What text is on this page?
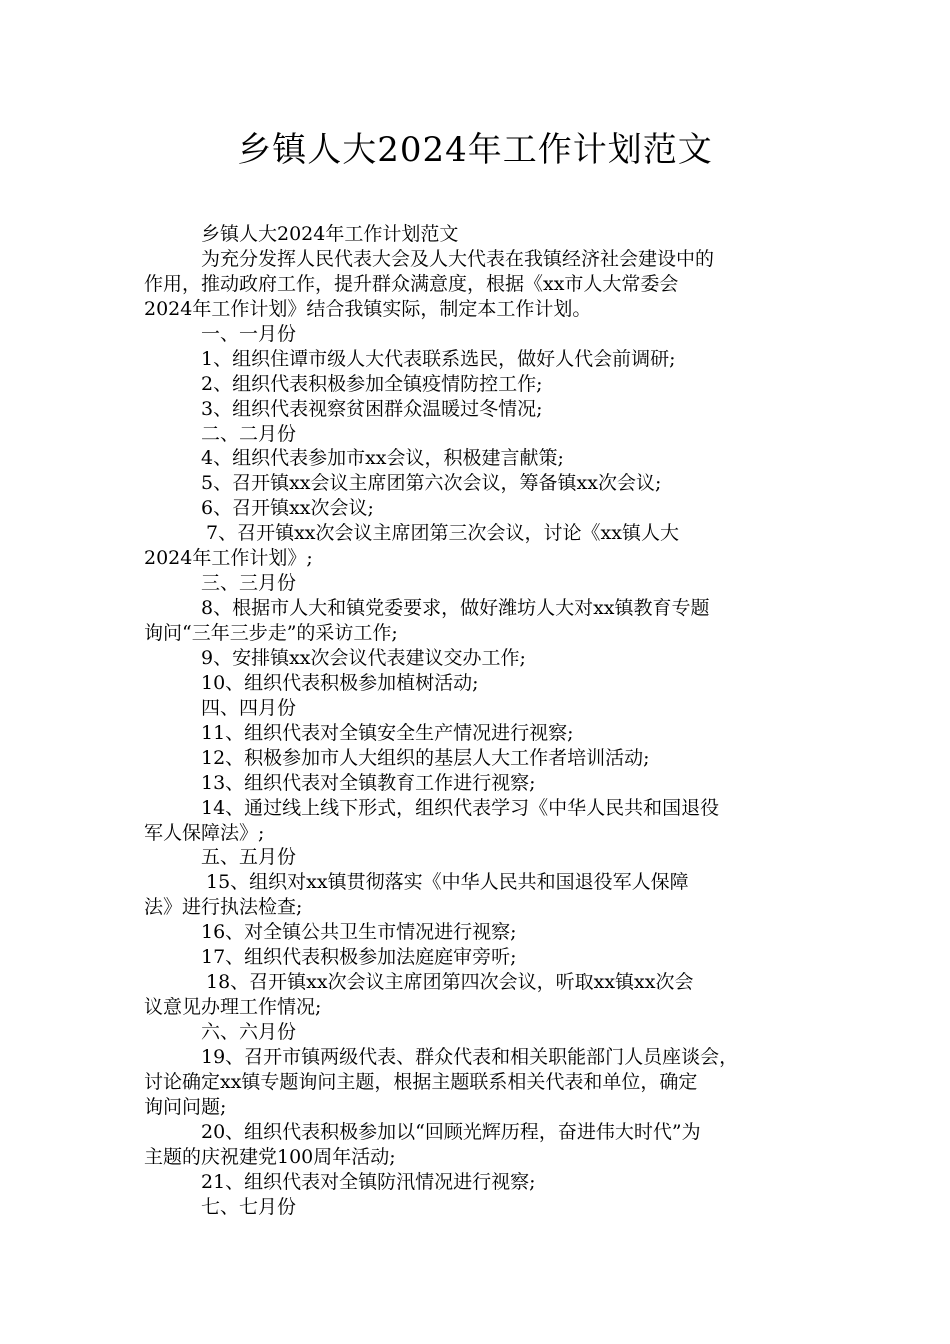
乡镇人大2024年工作计划范文
乡镇人大2024年工作计划范文
为充分发挥人民代表大会及人大代表在我镇经济社会建设中的
作用，推动政府工作，提升群众满意度，根据《xx市人大常委会
2024年工作计划》结合我镇实际，制定本工作计划。
一、一月份
1、组织住谭市级人大代表联系选民，做好人代会前调研;
2、组织代表积极参加全镇疫情防控工作;
3、组织代表视察贫困群众温暖过冬情况;
二、二月份
4、组织代表参加市xx会议，积极建言献策;
5、召开镇xx会议主席团第六次会议，筹备镇xx次会议;
6、召开镇xx次会议;
7、召开镇xx次会议主席团第三次会议，讨论《xx镇人大
2024年工作计划》;
三、三月份
8、根据市人大和镇党委要求，做好潍坊人大对xx镇教育专题
询问“三年三步走”的采访工作;
9、安排镇xx次会议代表建议交办工作;
10、组织代表积极参加植树活动;
四、四月份
11、组织代表对全镇安全生产情况进行视察;
12、积极参加市人大组织的基层人大工作者培训活动;
13、组织代表对全镇教育工作进行视察;
14、通过线上线下形式，组织代表学习《中华人民共和国退役
军人保障法》;
五、五月份
15、组织对xx镇贯彻落实《中华人民共和国退役军人保障
法》进行执法检查;
16、对全镇公共卫生市情况进行视察;
17、组织代表积极参加法庭庭审旁听;
18、召开镇xx次会议主席团第四次会议，听取xx镇xx次会
议意见办理工作情况;
六、六月份
19、召开市镇两级代表、群众代表和相关职能部门人员座谈会，
讨论确定xx镇专题询问主题，根据主题联系相关代表和单位，确定
询问问题;
20、组织代表积极参加以“回顾光辉历程，奋进伟大时代”为
主题的庆祝建党100周年活动;
21、组织代表对全镇防汛情况进行视察;
七、七月份
